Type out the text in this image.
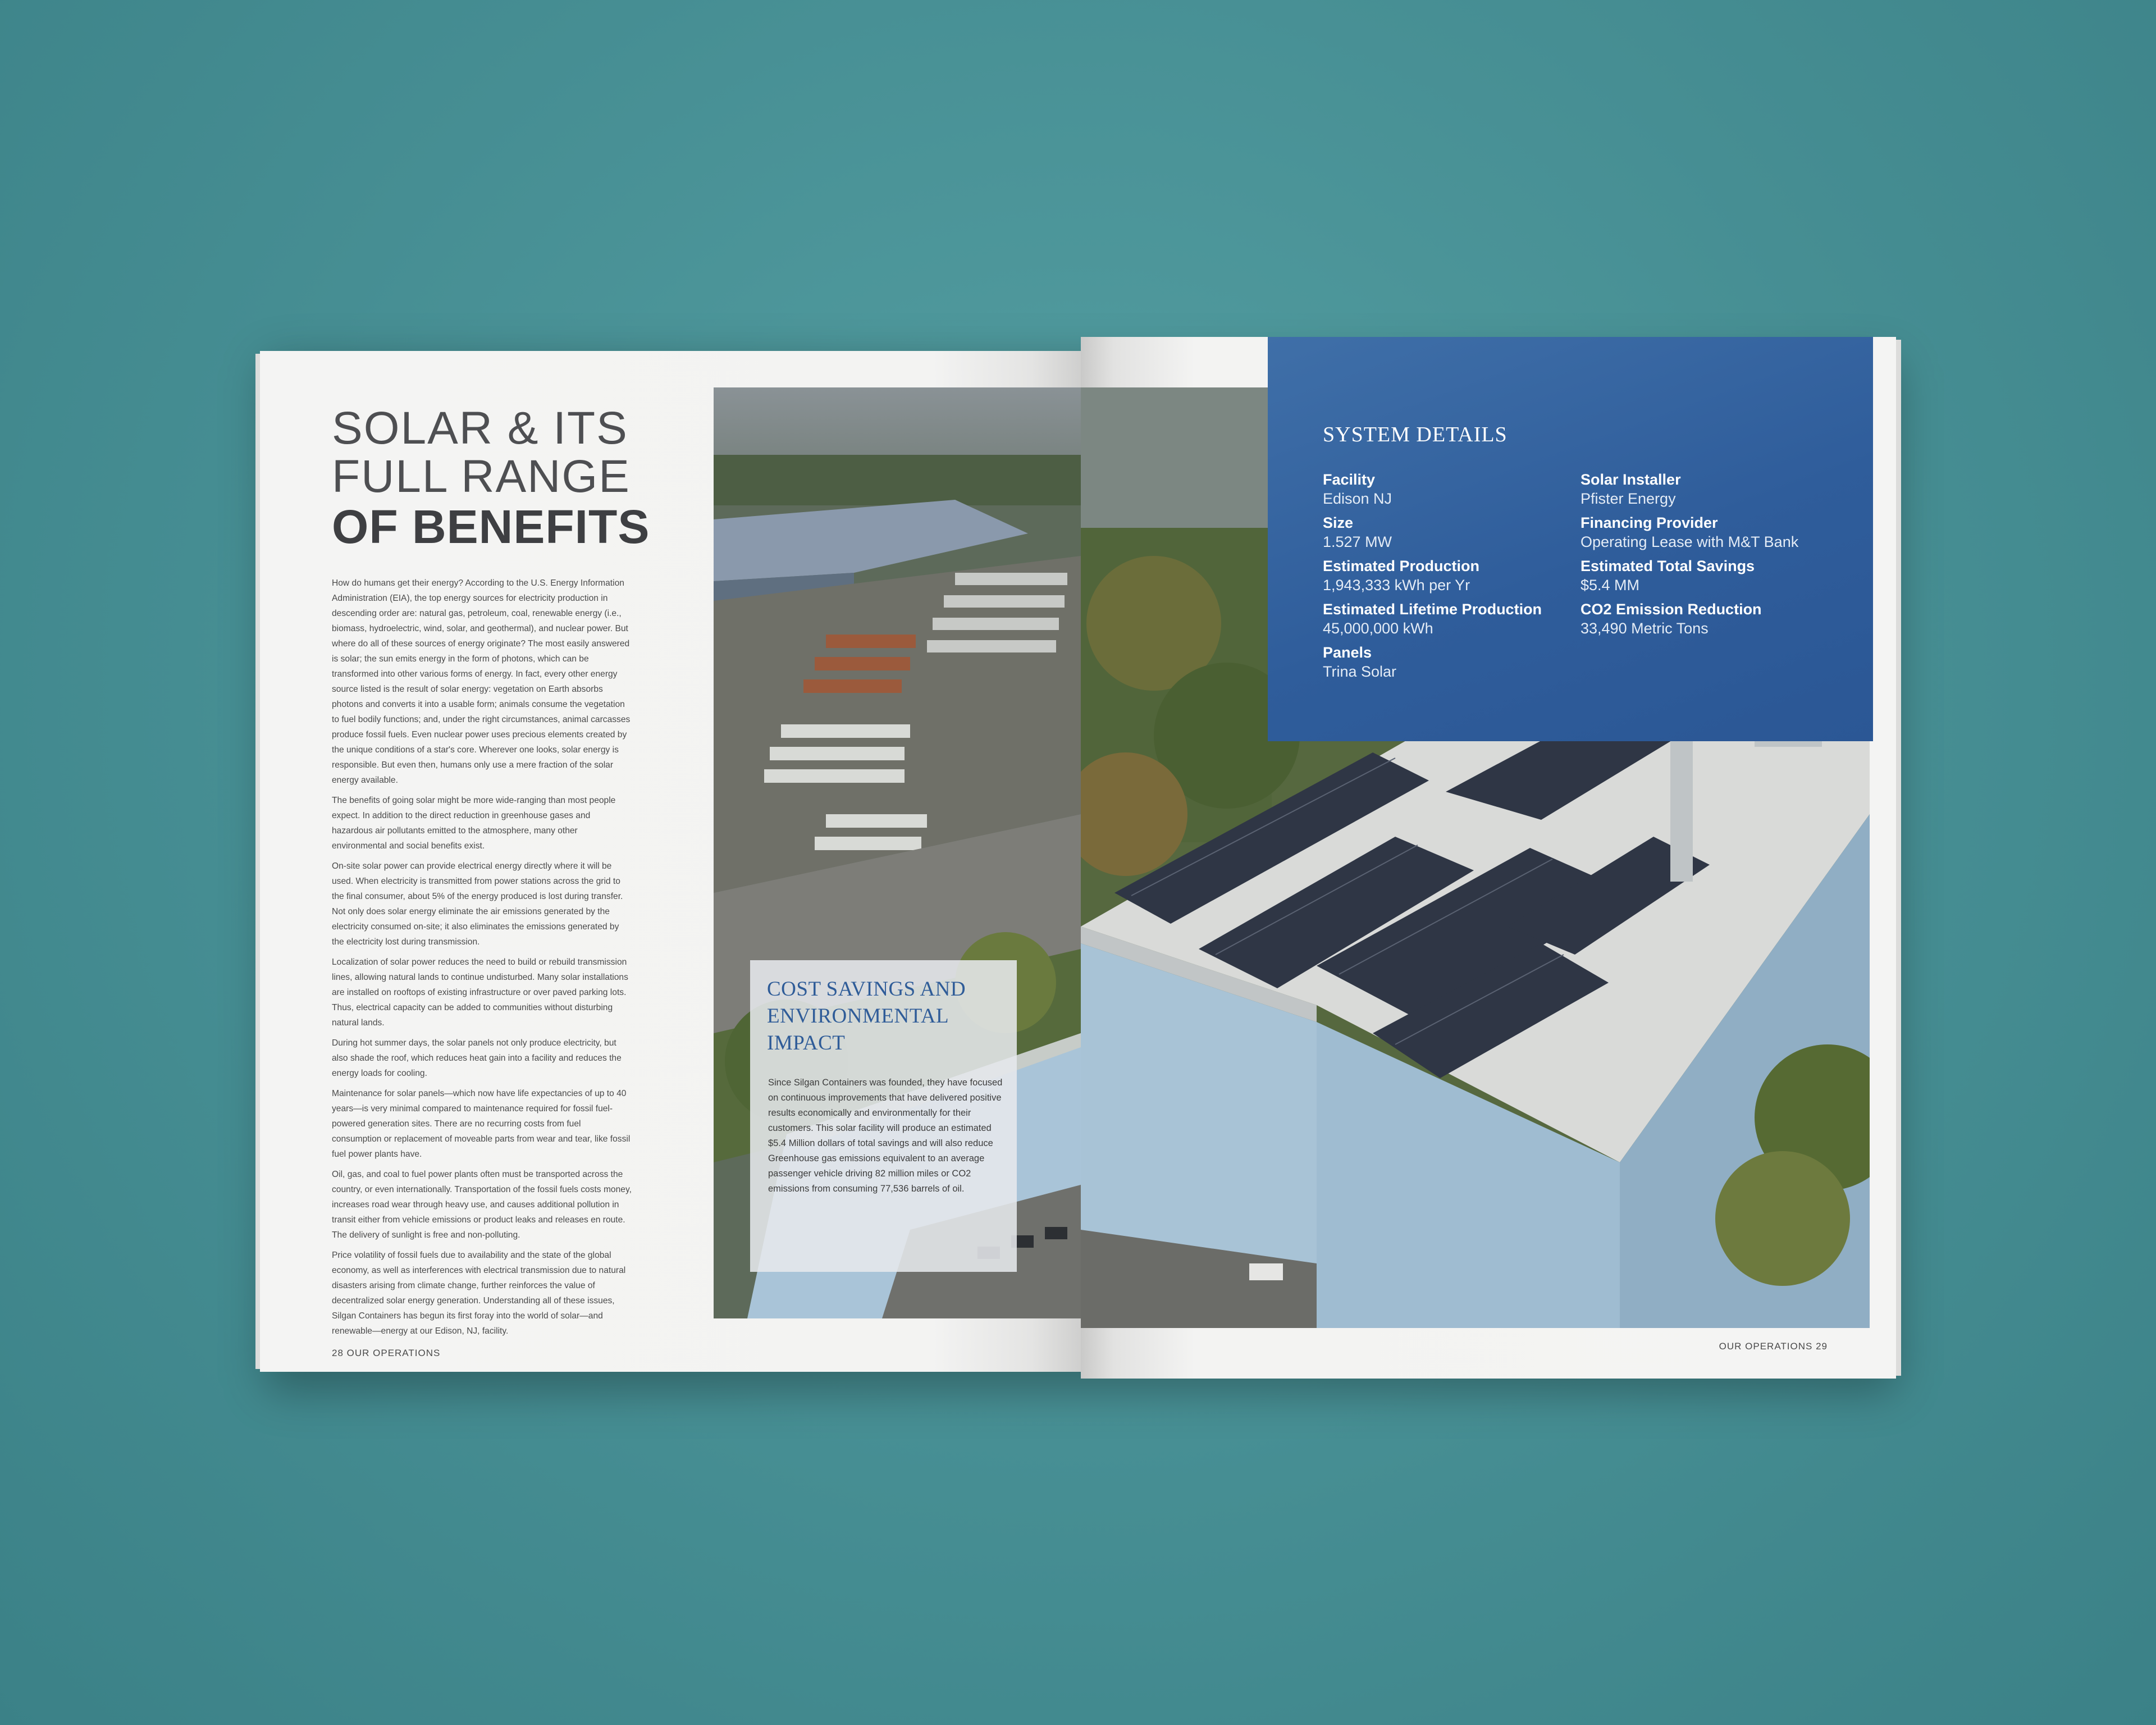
SOLAR & ITS
FULL RANGE
OF BENEFITS

How do humans get their energy? According to the U.S. Energy Information Administration (EIA), the top energy sources for electricity production in descending order are: natural gas, petroleum, coal, renewable energy (i.e., biomass, hydroelectric, wind, solar, and geothermal), and nuclear power. But where do all of these sources of energy originate? The most easily answered is solar; the sun emits energy in the form of photons, which can be transformed into other various forms of energy. In fact, every other energy source listed is the result of solar energy: vegetation on Earth absorbs photons and converts it into a usable form; animals consume the vegetation to fuel bodily functions; and, under the right circumstances, animal carcasses produce fossil fuels. Even nuclear power uses precious elements created by the unique conditions of a star's core. Wherever one looks, solar energy is responsible. But even then, humans only use a mere fraction of the solar energy available.

The benefits of going solar might be more wide-ranging than most people expect. In addition to the direct reduction in greenhouse gases and hazardous air pollutants emitted to the atmosphere, many other environmental and social benefits exist.

On-site solar power can provide electrical energy directly where it will be used. When electricity is transmitted from power stations across the grid to the final consumer, about 5% of the energy produced is lost during transfer. Not only does solar energy eliminate the air emissions generated by the electricity consumed on-site; it also eliminates the emissions generated by the electricity lost during transmission.

Localization of solar power reduces the need to build or rebuild transmission lines, allowing natural lands to continue undisturbed. Many solar installations are installed on rooftops of existing infrastructure or over paved parking lots. Thus, electrical capacity can be added to communities without disturbing natural lands.

During hot summer days, the solar panels not only produce electricity, but also shade the roof, which reduces heat gain into a facility and reduces the energy loads for cooling.

Maintenance for solar panels—which now have life expectancies of up to 40 years—is very minimal compared to maintenance required for fossil fuel-powered generation sites. There are no recurring costs from fuel consumption or replacement of moveable parts from wear and tear, like fossil fuel power plants have.

Oil, gas, and coal to fuel power plants often must be transported across the country, or even internationally. Transportation of the fossil fuels costs money, increases road wear through heavy use, and causes additional pollution in transit either from vehicle emissions or product leaks and releases en route. The delivery of sunlight is free and non-polluting.

Price volatility of fossil fuels due to availability and the state of the global economy, as well as interferences with electrical transmission due to natural disasters arising from climate change, further reinforces the value of decentralized solar energy generation. Understanding all of these issues, Silgan Containers has begun its first foray into the world of solar—and renewable—energy at our Edison, NJ, facility.

COST SAVINGS AND ENVIRONMENTAL IMPACT
Since Silgan Containers was founded, they have focused on continuous improvements that have delivered positive results economically and environmentally for their customers. This solar facility will produce an estimated $5.4 Million dollars of total savings and will also reduce Greenhouse gas emissions equivalent to an average passenger vehicle driving 82 million miles or CO2 emissions from consuming 77,536 barrels of oil.
28 OUR OPERATIONS
SYSTEM DETAILS
Facility
Edison NJ
Size
1.527 MW
Estimated Production
1,943,333 kWh per Yr
Estimated Lifetime Production
45,000,000 kWh
Panels
Trina Solar
Solar Installer
Pfister Energy
Financing Provider
Operating Lease with M&T Bank
Estimated Total Savings
$5.4 MM
CO2 Emission Reduction
33,490 Metric Tons
OUR OPERATIONS 29
